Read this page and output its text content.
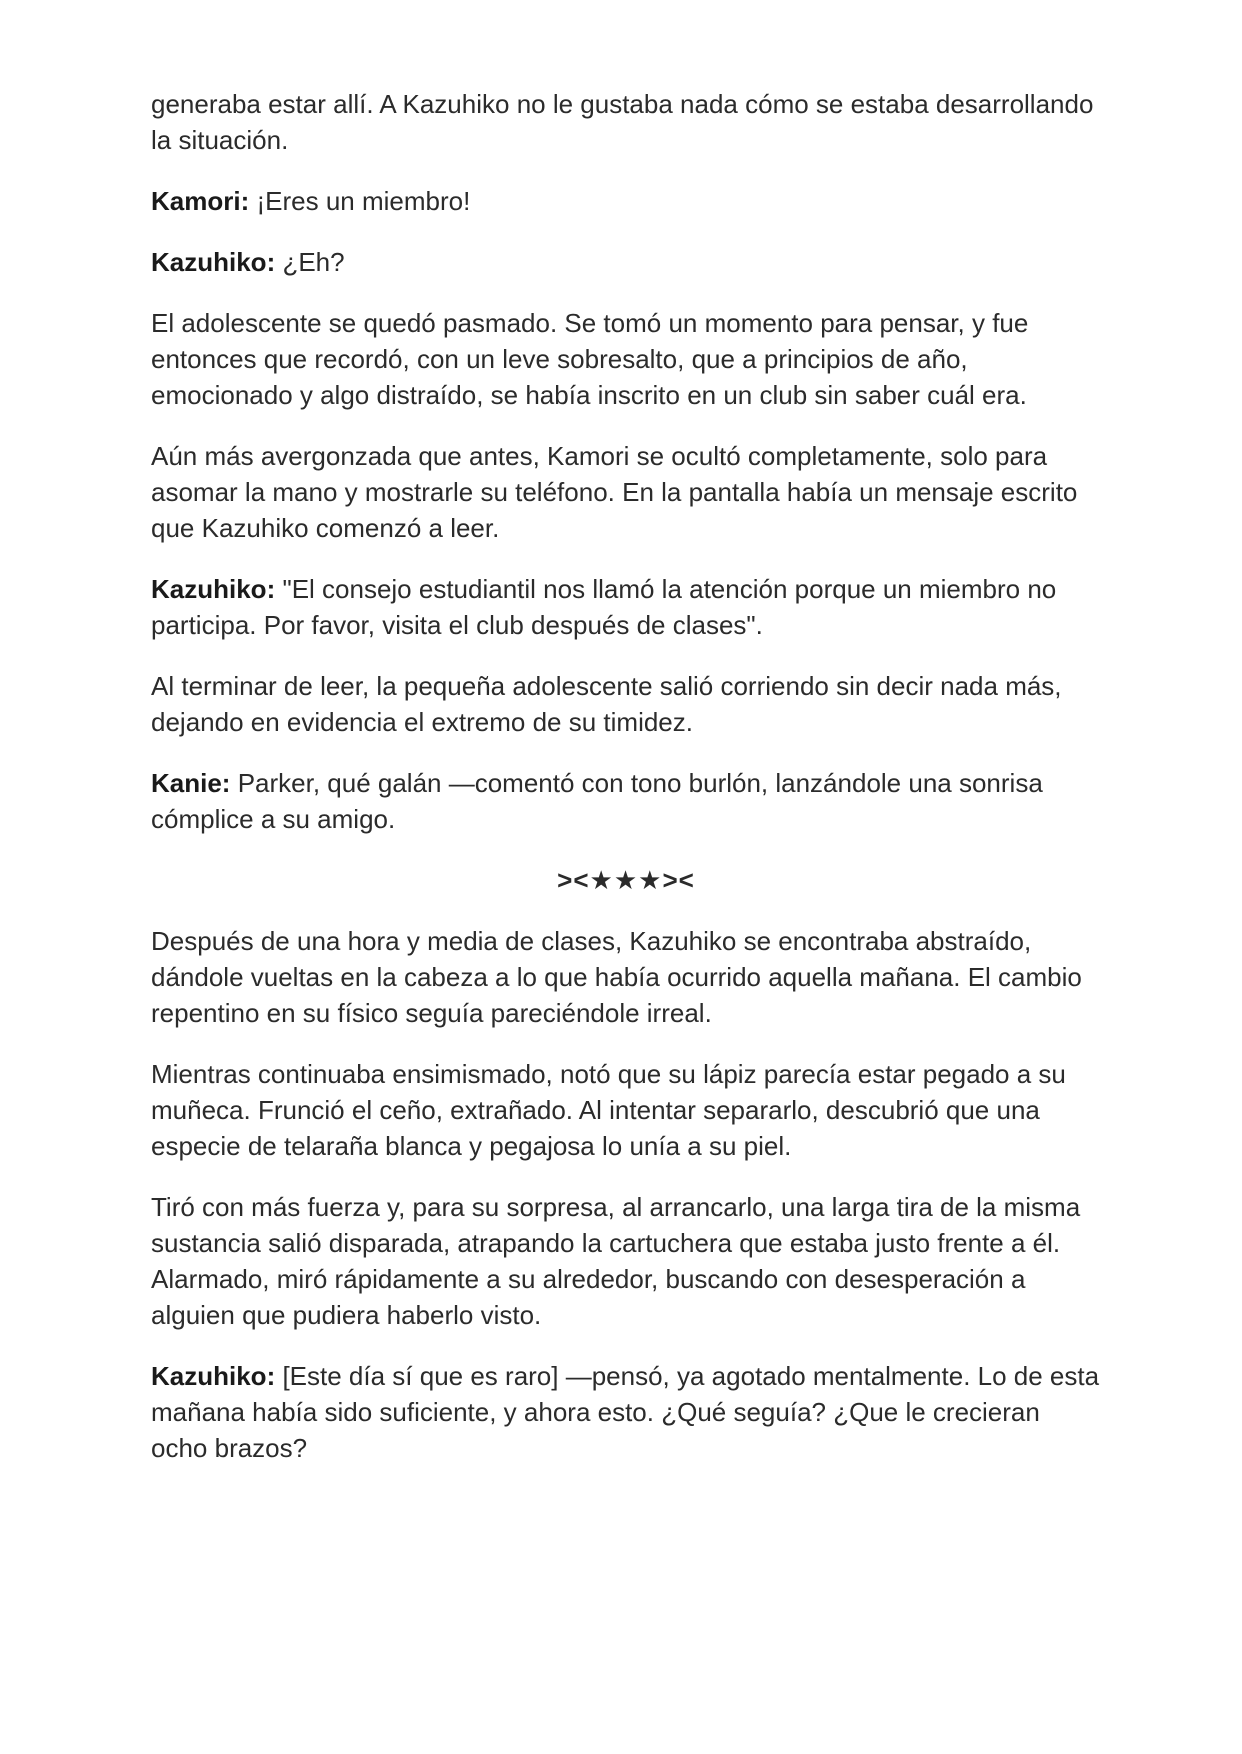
generaba estar allí. A Kazuhiko no le gustaba nada cómo se estaba desarrollando la situación.

Kamori: ¡Eres un miembro!

Kazuhiko: ¿Eh?

El adolescente se quedó pasmado. Se tomó un momento para pensar, y fue entonces que recordó, con un leve sobresalto, que a principios de año, emocionado y algo distraído, se había inscrito en un club sin saber cuál era.

Aún más avergonzada que antes, Kamori se ocultó completamente, solo para asomar la mano y mostrarle su teléfono. En la pantalla había un mensaje escrito que Kazuhiko comenzó a leer.

Kazuhiko: "El consejo estudiantil nos llamó la atención porque un miembro no participa. Por favor, visita el club después de clases".

Al terminar de leer, la pequeña adolescente salió corriendo sin decir nada más, dejando en evidencia el extremo de su timidez.

Kanie: Parker, qué galán —comentó con tono burlón, lanzándole una sonrisa cómplice a su amigo.

><★★★><

Después de una hora y media de clases, Kazuhiko se encontraba abstraído, dándole vueltas en la cabeza a lo que había ocurrido aquella mañana. El cambio repentino en su físico seguía pareciéndole irreal.

Mientras continuaba ensimismado, notó que su lápiz parecía estar pegado a su muñeca. Frunció el ceño, extrañado. Al intentar separarlo, descubrió que una especie de telaraña blanca y pegajosa lo unía a su piel.

Tiró con más fuerza y, para su sorpresa, al arrancarlo, una larga tira de la misma sustancia salió disparada, atrapando la cartuchera que estaba justo frente a él. Alarmado, miró rápidamente a su alrededor, buscando con desesperación a alguien que pudiera haberlo visto.

Kazuhiko: [Este día sí que es raro] —pensó, ya agotado mentalmente. Lo de esta mañana había sido suficiente, y ahora esto. ¿Qué seguía? ¿Que le crecieran ocho brazos?
